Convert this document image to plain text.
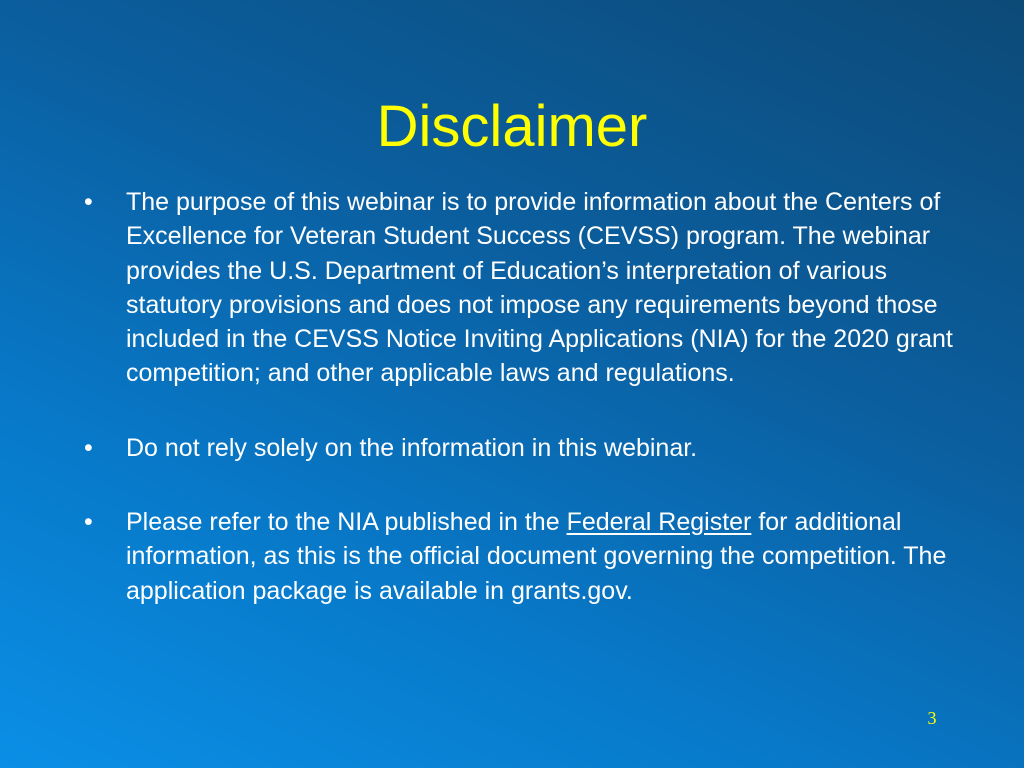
Disclaimer
•	The purpose of this webinar is to provide information about the Centers of Excellence for Veteran Student Success (CEVSS) program. The webinar provides the U.S. Department of Education’s interpretation of various statutory provisions and does not impose any requirements beyond those included in the CEVSS Notice Inviting Applications (NIA) for the 2020 grant competition; and other applicable laws and regulations.
•	Do not rely solely on the information in this webinar.
•	Please refer to the NIA published in the Federal Register for additional information, as this is the official document governing the competition. The application package is available in grants.gov.
3
